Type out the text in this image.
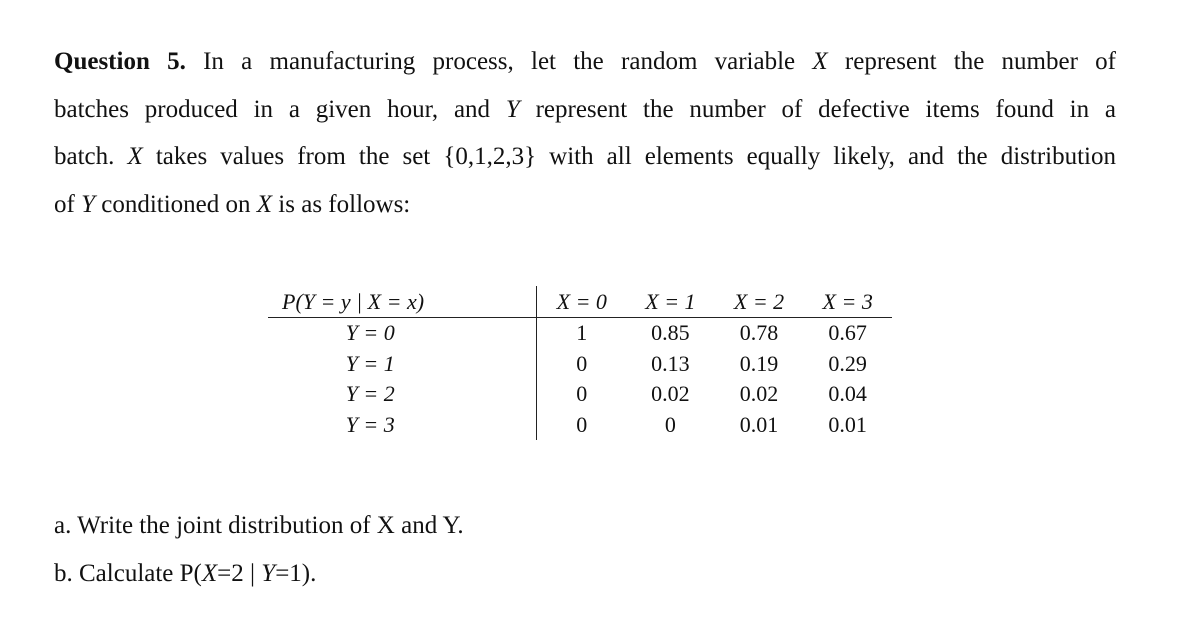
Question 5. In a manufacturing process, let the random variable X represent the number of
batches produced in a given hour, and Y represent the number of defective items found in a
batch. X takes values from the set {0,1,2,3} with all elements equally likely, and the distribution
of Y conditioned on X is as follows:
P(Y = y | X = x)	X = 0	X = 1	X = 2	X = 3
Y = 0	1	0.85	0.78	0.67
Y = 1	0	0.13	0.19	0.29
Y = 2	0	0.02	0.02	0.04
Y = 3	0	0	0.01	0.01
a. Write the joint distribution of X and Y.
b. Calculate P(X=2 | Y=1).
